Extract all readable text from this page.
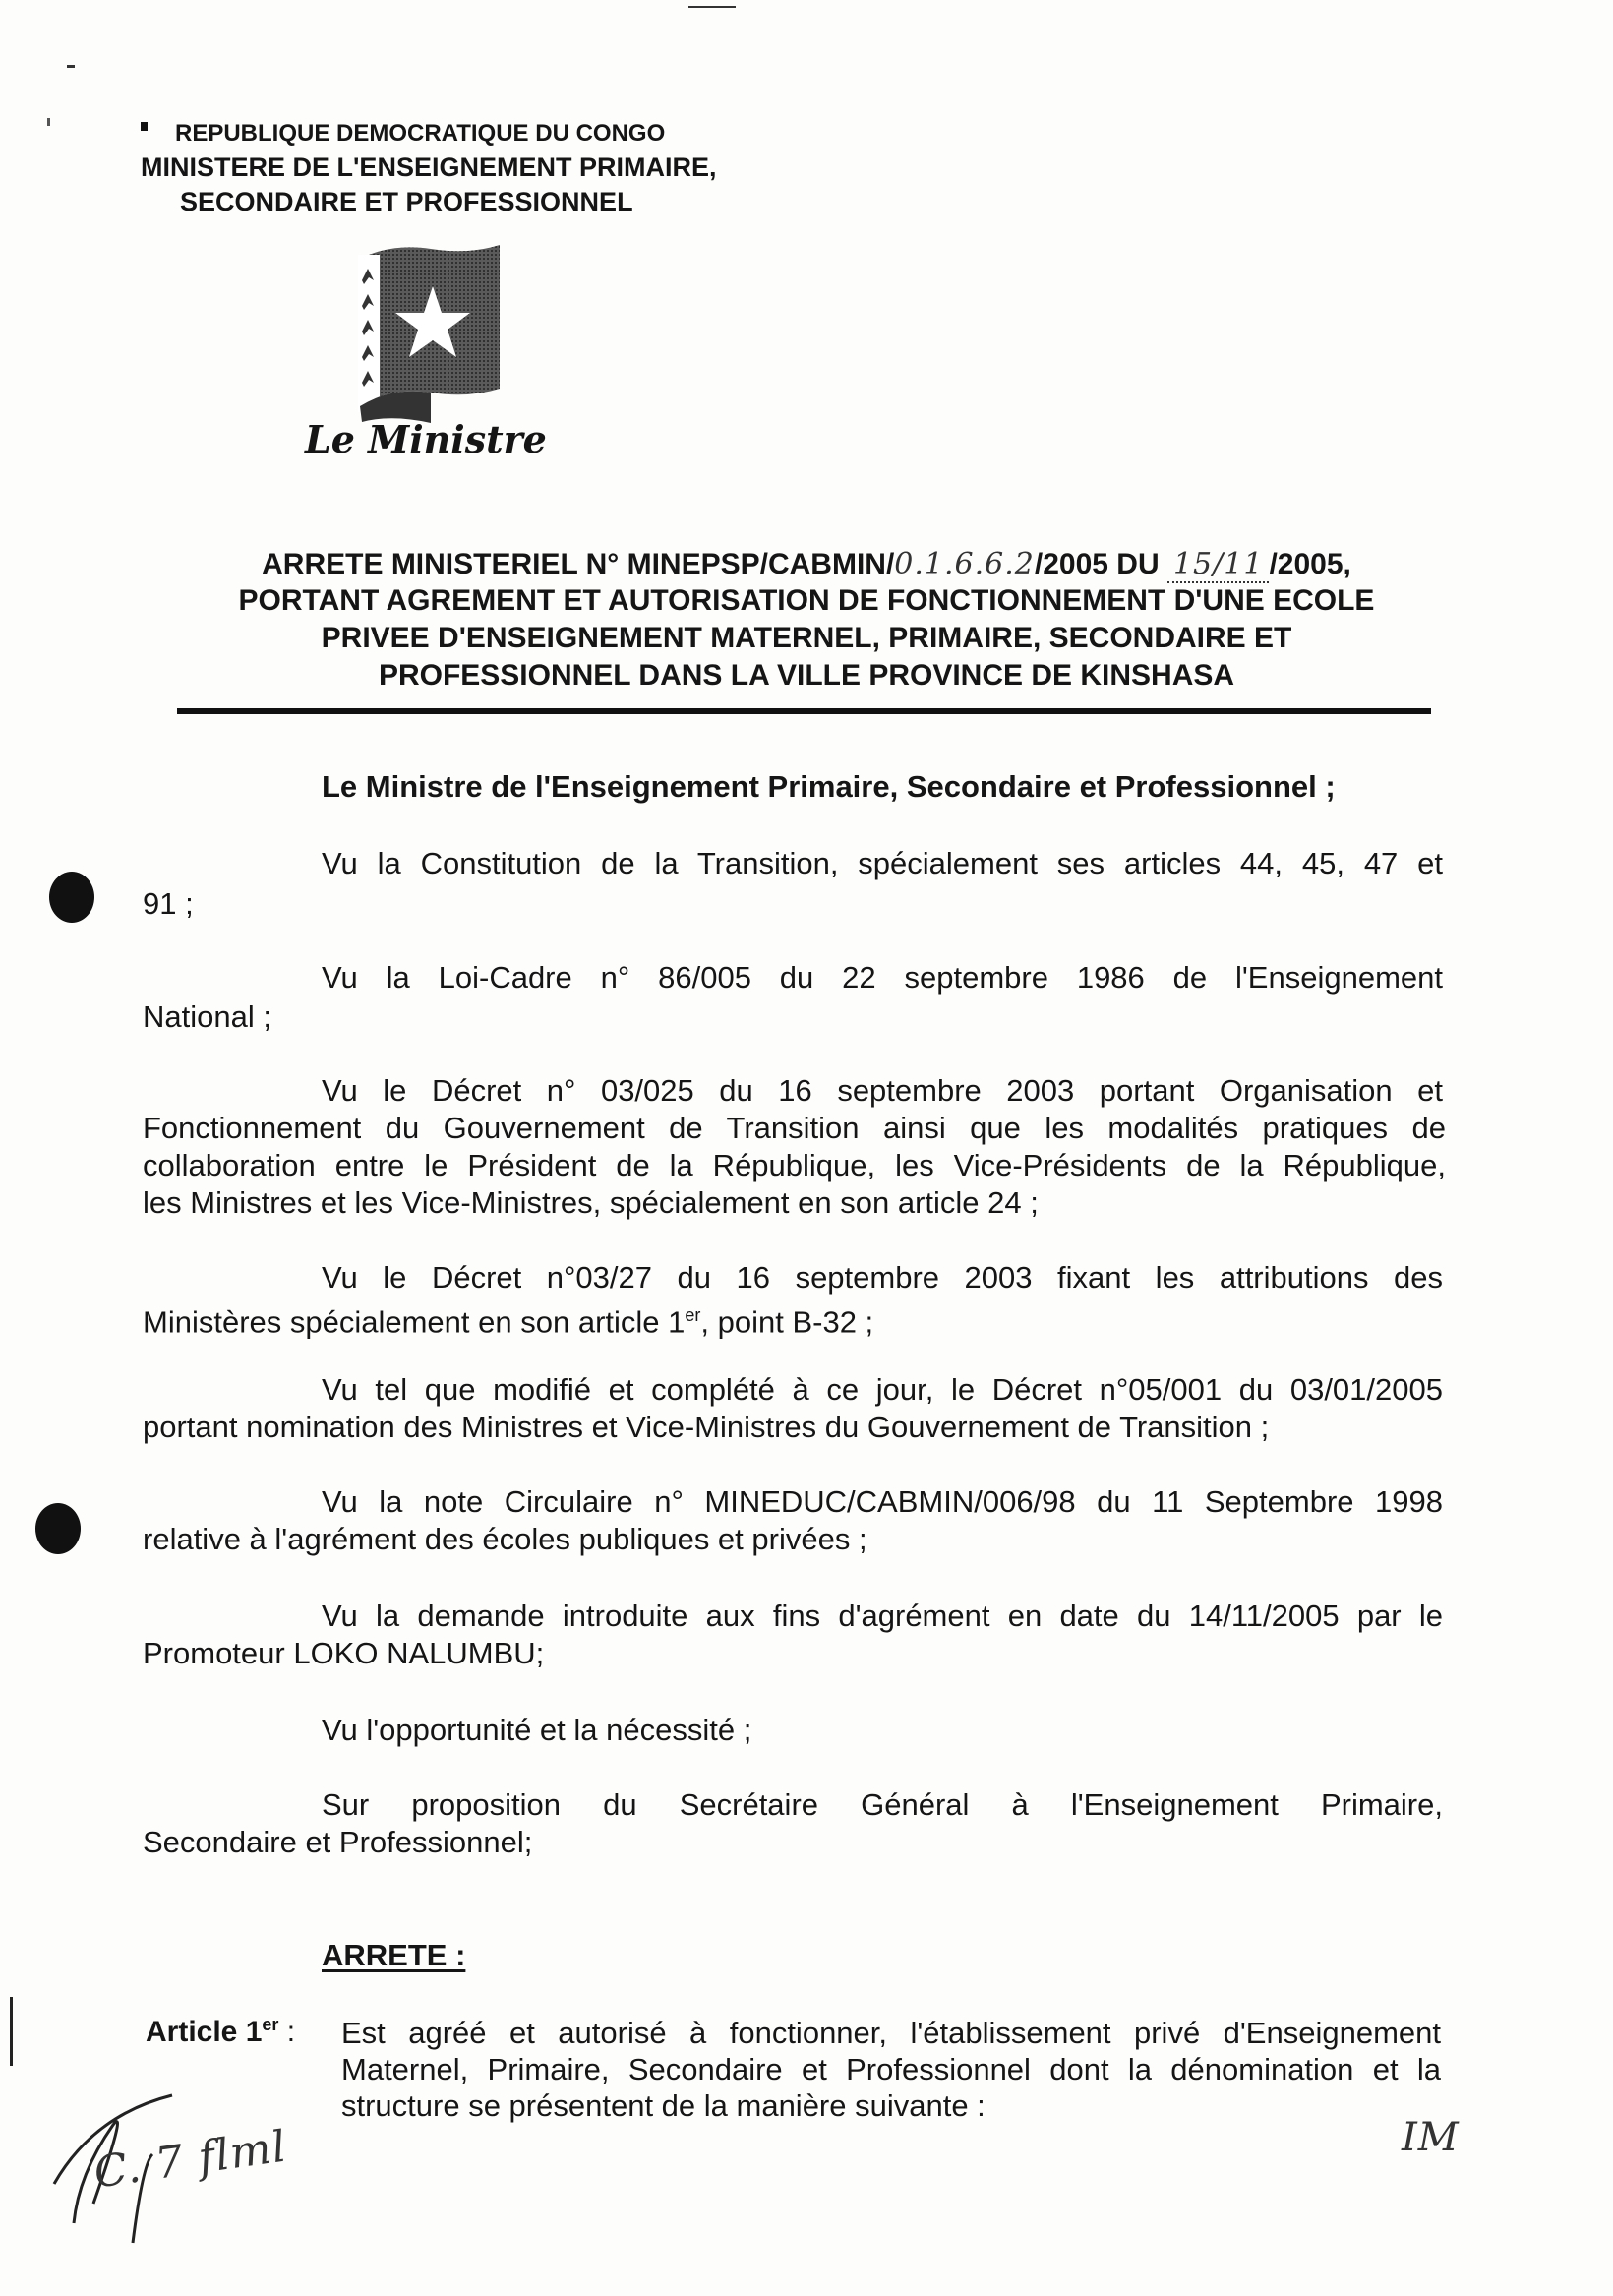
REPUBLIQUE DEMOCRATIQUE DU CONGO
MINISTERE DE L'ENSEIGNEMENT PRIMAIRE,
SECONDAIRE ET PROFESSIONNEL
Le Ministre
ARRETE MINISTERIEL N° MINEPSP/CABMIN/0.1.6.6.2/2005 DU 15/11 /2005,
PORTANT AGREMENT ET AUTORISATION DE FONCTIONNEMENT D'UNE ECOLE
PRIVEE D'ENSEIGNEMENT MATERNEL, PRIMAIRE, SECONDAIRE ET
PROFESSIONNEL DANS LA VILLE PROVINCE DE KINSHASA
Le Ministre de l'Enseignement Primaire, Secondaire et Professionnel ;
Vu la Constitution de la Transition, spécialement ses articles 44, 45, 47 et
91 ;
Vu la Loi-Cadre n° 86/005 du 22 septembre 1986 de l'Enseignement
National ;
Vu le Décret n° 03/025 du 16 septembre 2003 portant Organisation et
Fonctionnement du Gouvernement de Transition ainsi que les modalités pratiques de
collaboration entre le Président de la République, les Vice-Présidents de la République,
les Ministres et les Vice-Ministres, spécialement en son article 24 ;
Vu le Décret n°03/27 du 16 septembre 2003 fixant les attributions des
Ministères spécialement en son article 1er, point B-32 ;
Vu tel que modifié et complété à ce jour, le Décret n°05/001 du 03/01/2005
portant nomination des Ministres et Vice-Ministres du Gouvernement de Transition ;
Vu la note Circulaire n° MINEDUC/CABMIN/006/98 du 11 Septembre 1998
relative à l'agrément des écoles publiques et privées ;
Vu la demande introduite aux fins d'agrément en date du 14/11/2005 par le
Promoteur LOKO NALUMBU;
Vu l'opportunité et la nécessité ;
Sur proposition du Secrétaire Général à l'Enseignement Primaire,
Secondaire et Professionnel;
ARRETE :
Article 1er : Est agréé et autorisé à fonctionner, l'établissement privé d'Enseignement
Maternel, Primaire, Secondaire et Professionnel dont la dénomination et la
structure se présentent de la manière suivante :
C. 7 flml	IM
